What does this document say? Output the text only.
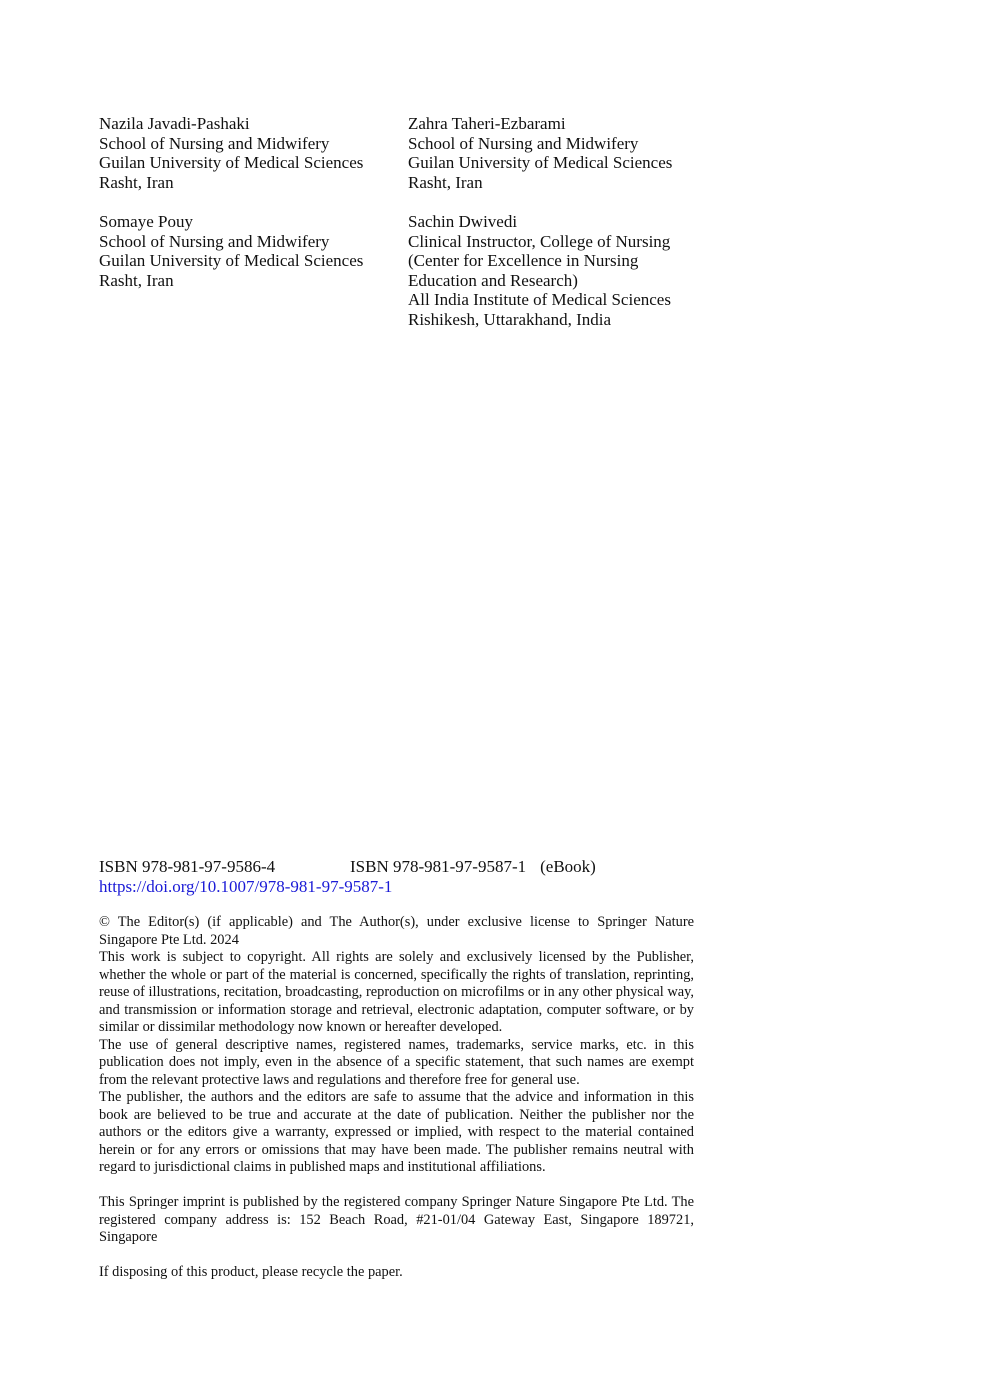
Nazila Javadi-Pashaki
School of Nursing and Midwifery
Guilan University of Medical Sciences
Rasht, Iran
Zahra Taheri-Ezbarami
School of Nursing and Midwifery
Guilan University of Medical Sciences
Rasht, Iran
Somaye Pouy
School of Nursing and Midwifery
Guilan University of Medical Sciences
Rasht, Iran
Sachin Dwivedi
Clinical Instructor, College of Nursing
(Center for Excellence in Nursing
Education and Research)
All India Institute of Medical Sciences
Rishikesh, Uttarakhand, India
ISBN 978-981-97-9586-4	ISBN 978-981-97-9587-1 (eBook)
https://doi.org/10.1007/978-981-97-9587-1

© The Editor(s) (if applicable) and The Author(s), under exclusive license to Springer Nature Singapore Pte Ltd. 2024

This work is subject to copyright. All rights are solely and exclusively licensed by the Publisher, whether the whole or part of the material is concerned, specifically the rights of translation, reprinting, reuse of illustrations, recitation, broadcasting, reproduction on microfilms or in any other physical way, and transmission or information storage and retrieval, electronic adaptation, computer software, or by similar or dissimilar methodology now known or hereafter developed.

The use of general descriptive names, registered names, trademarks, service marks, etc. in this publication does not imply, even in the absence of a specific statement, that such names are exempt from the relevant protective laws and regulations and therefore free for general use.

The publisher, the authors and the editors are safe to assume that the advice and information in this book are believed to be true and accurate at the date of publication. Neither the publisher nor the authors or the editors give a warranty, expressed or implied, with respect to the material contained herein or for any errors or omissions that may have been made. The publisher remains neutral with regard to jurisdictional claims in published maps and institutional affiliations.

This Springer imprint is published by the registered company Springer Nature Singapore Pte Ltd. The registered company address is: 152 Beach Road, #21-01/04 Gateway East, Singapore 189721, Singapore

If disposing of this product, please recycle the paper.
